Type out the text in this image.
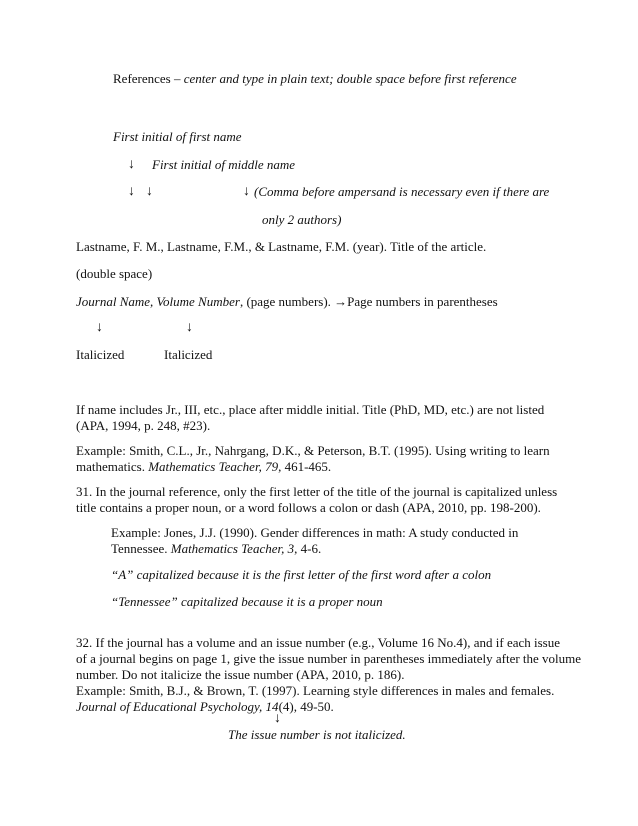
References – center and type in plain text; double space before first reference
First initial of first name
↓ First initial of middle name
↓ ↓	↓ (Comma before ampersand is necessary even if there are
only 2 authors)
Lastname, F. M., Lastname, F.M., & Lastname, F.M. (year). Title of the article.
(double space)
Journal Name, Volume Number, (page numbers). →Page numbers in parentheses
↓	↓
Italicized	Italicized
If name includes Jr., III, etc., place after middle initial. Title (PhD, MD, etc.) are not listed
(APA, 1994, p. 248, #23).
Example: Smith, C.L., Jr., Nahrgang, D.K., & Peterson, B.T. (1995). Using writing to learn
mathematics. Mathematics Teacher, 79, 461-465.
31. In the journal reference, only the first letter of the title of the journal is capitalized unless
title contains a proper noun, or a word follows a colon or dash (APA, 2010, pp. 198-200).
Example: Jones, J.J. (1990). Gender differences in math: A study conducted in
Tennessee. Mathematics Teacher, 3, 4-6.
“A” capitalized because it is the first letter of the first word after a colon
“Tennessee” capitalized because it is a proper noun
32. If the journal has a volume and an issue number (e.g., Volume 16 No.4), and if each issue
of a journal begins on page 1, give the issue number in parentheses immediately after the volume
number. Do not italicize the issue number (APA, 2010, p. 186).
Example: Smith, B.J., & Brown, T. (1997). Learning style differences in males and females.
Journal of Educational Psychology, 14(4), 49-50.
↓
The issue number is not italicized.
